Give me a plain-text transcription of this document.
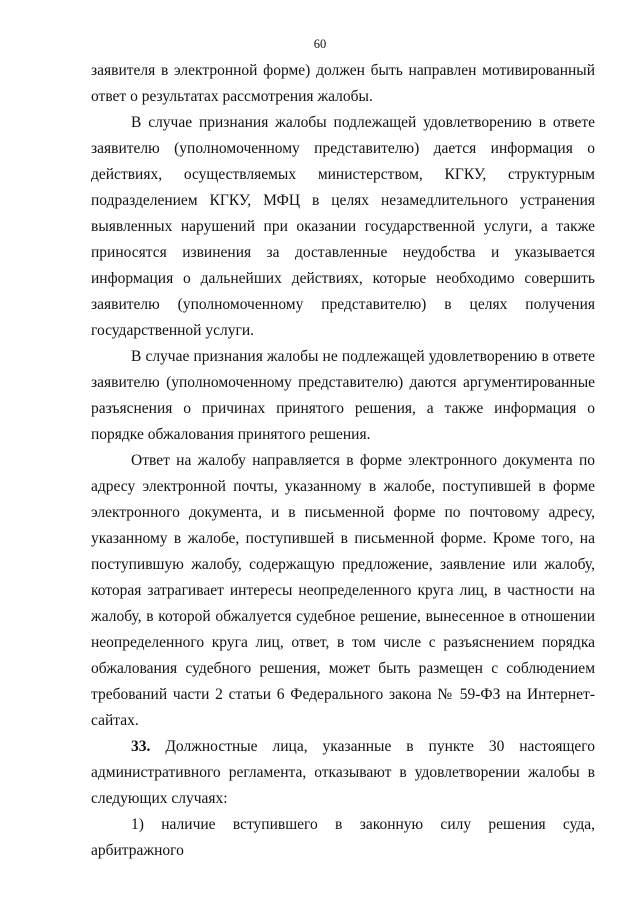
60

заявителя в электронной форме) должен быть направлен мотивированный ответ о результатах рассмотрения жалобы.

В случае признания жалобы подлежащей удовлетворению в ответе заявителю (уполномоченному представителю) дается информация о действиях, осуществляемых министерством, КГКУ, структурным подразделением КГКУ, МФЦ в целях незамедлительного устранения выявленных нарушений при оказании государственной услуги, а также приносятся извинения за доставленные неудобства и указывается информация о дальнейших действиях, которые необходимо совершить заявителю (уполномоченному представителю) в целях получения государственной услуги.

В случае признания жалобы не подлежащей удовлетворению в ответе заявителю (уполномоченному представителю) даются аргументированные разъяснения о причинах принятого решения, а также информация о порядке обжалования принятого решения.

Ответ на жалобу направляется в форме электронного документа по адресу электронной почты, указанному в жалобе, поступившей в форме электронного документа, и в письменной форме по почтовому адресу, указанному в жалобе, поступившей в письменной форме. Кроме того, на поступившую жалобу, содержащую предложение, заявление или жалобу, которая затрагивает интересы неопределенного круга лиц, в частности на жалобу, в которой обжалуется судебное решение, вынесенное в отношении неопределенного круга лиц, ответ, в том числе с разъяснением порядка обжалования судебного решения, может быть размещен с соблюдением требований части 2 статьи 6 Федерального закона № 59-ФЗ на Интернет-сайтах.

33. Должностные лица, указанные в пункте 30 настоящего административного регламента, отказывают в удовлетворении жалобы в следующих случаях:

1) наличие вступившего в законную силу решения суда, арбитражного
